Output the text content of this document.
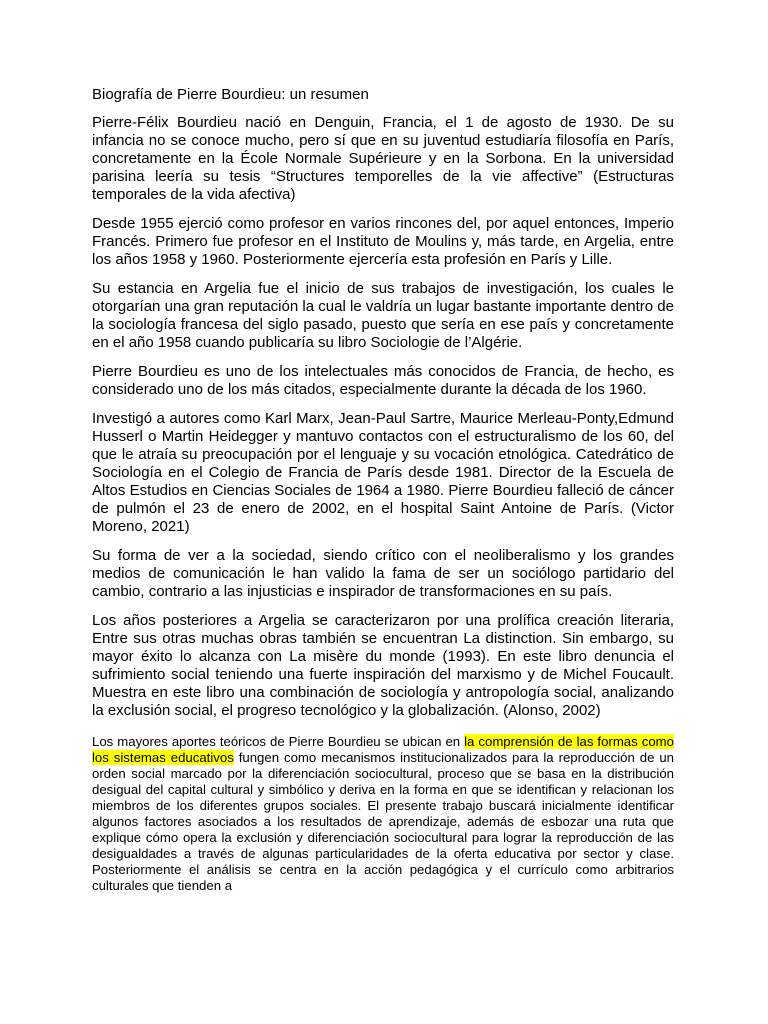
Biografía de Pierre Bourdieu: un resumen

Pierre-Félix Bourdieu nació en Denguin, Francia, el 1 de agosto de 1930. De su infancia no se conoce mucho, pero sí que en su juventud estudiaría filosofía en París, concretamente en la École Normale Supérieure y en la Sorbona. En la universidad parisina leería su tesis “Structures temporelles de la vie affective” (Estructuras temporales de la vida afectiva)

Desde 1955 ejerció como profesor en varios rincones del, por aquel entonces, Imperio Francés. Primero fue profesor en el Instituto de Moulins y, más tarde, en Argelia, entre los años 1958 y 1960. Posteriormente ejercería esta profesión en París y Lille.

Su estancia en Argelia fue el inicio de sus trabajos de investigación, los cuales le otorgarían una gran reputación la cual le valdría un lugar bastante importante dentro de la sociología francesa del siglo pasado, puesto que sería en ese país y concretamente en el año 1958 cuando publicaría su libro Sociologie de l’Algérie.

Pierre Bourdieu es uno de los intelectuales más conocidos de Francia, de hecho, es considerado uno de los más citados, especialmente durante la década de los 1960.

Investigó a autores como Karl Marx, Jean-Paul Sartre, Maurice Merleau-Ponty,Edmund Husserl o Martin Heidegger y mantuvo contactos con el estructuralismo de los 60, del que le atraía su preocupación por el lenguaje y su vocación etnológica. Catedrático de Sociología en el Colegio de Francia de París desde 1981. Director de la Escuela de Altos Estudios en Ciencias Sociales de 1964 a 1980. Pierre Bourdieu falleció de cáncer de pulmón el 23 de enero de 2002, en el hospital Saint Antoine de París. (Victor Moreno, 2021)

Su forma de ver a la sociedad, siendo crítico con el neoliberalismo y los grandes medios de comunicación le han valido la fama de ser un sociólogo partidario del cambio, contrario a las injusticias e inspirador de transformaciones en su país.

Los años posteriores a Argelia se caracterizaron por una prolífica creación literaria, Entre sus otras muchas obras también se encuentran La distinction. Sin embargo, su mayor éxito lo alcanza con La misère du monde (1993). En este libro denuncia el sufrimiento social teniendo una fuerte inspiración del marxismo y de Michel Foucault. Muestra en este libro una combinación de sociología y antropología social, analizando la exclusión social, el progreso tecnológico y la globalización. (Alonso, 2002)

Los mayores aportes teóricos de Pierre Bourdieu se ubican en la comprensión de las formas como los sistemas educativos fungen como mecanismos institucionalizados para la reproducción de un orden social marcado por la diferenciación sociocultural, proceso que se basa en la distribución desigual del capital cultural y simbólico y deriva en la forma en que se identifican y relacionan los miembros de los diferentes grupos sociales. El presente trabajo buscará inicialmente identificar algunos factores asociados a los resultados de aprendizaje, además de esbozar una ruta que explique cómo opera la exclusión y diferenciación sociocultural para lograr la reproducción de las desigualdades a través de algunas particularidades de la oferta educativa por sector y clase. Posteriormente el análisis se centra en la acción pedagógica y el currículo como arbitrarios culturales que tienden a
